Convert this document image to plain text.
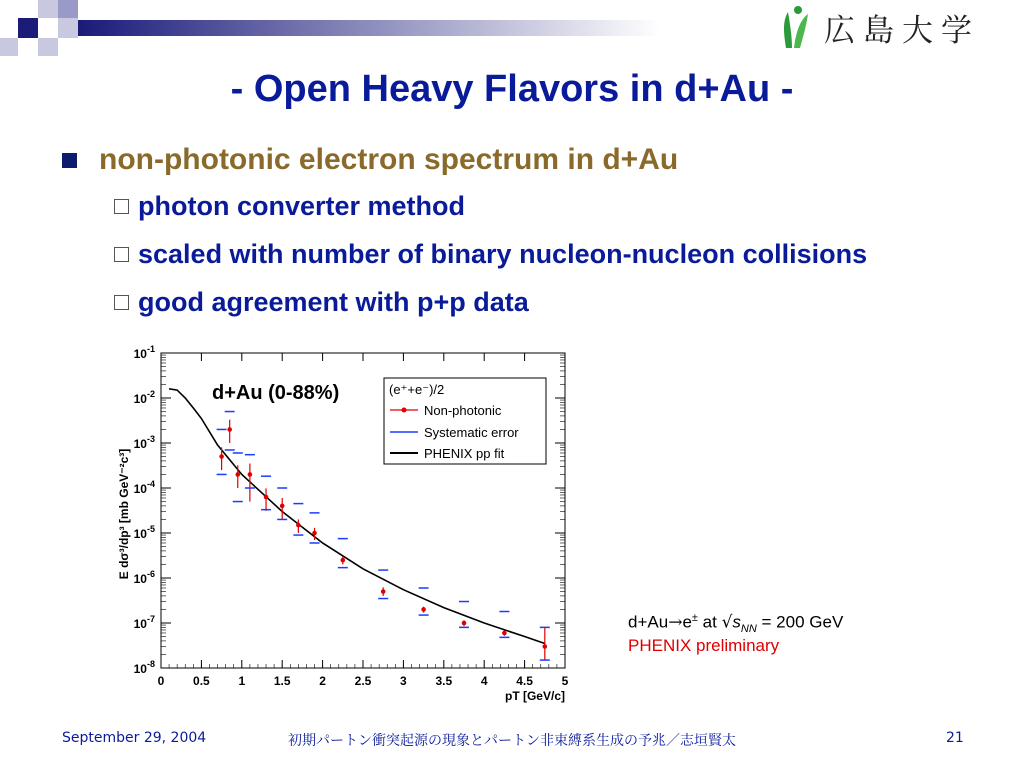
広島大学
- Open Heavy Flavors in d+Au -
non-photonic electron spectrum in d+Au
photon converter method
scaled with number of binary nucleon-nucleon collisions
good agreement with p+p data
0 0.5 1 1.5 2 2.5 3 3.5 4 4.5 5
$10^{-8}$
$10^{-7}$
$10^{-6}$
$10^{-5}$
$10^{-4}$
$10^{-3}$
$10^{-2}$
$10^{-1}$
d+Au (0-88%)	(e⁺+e⁻)/2
Non-photonic
Systematic error
PHENIX pp fit
E dσ³/dp³ [mb GeV⁻²c³]
pT [GeV/c]
d+Au→e± at $√s_{NN} = 200$ GeV
PHENIX preliminary
September 29, 2004	初期パートン衝突起源の現象とパートン非束縛系生成の予兆／志垣賢太	21
